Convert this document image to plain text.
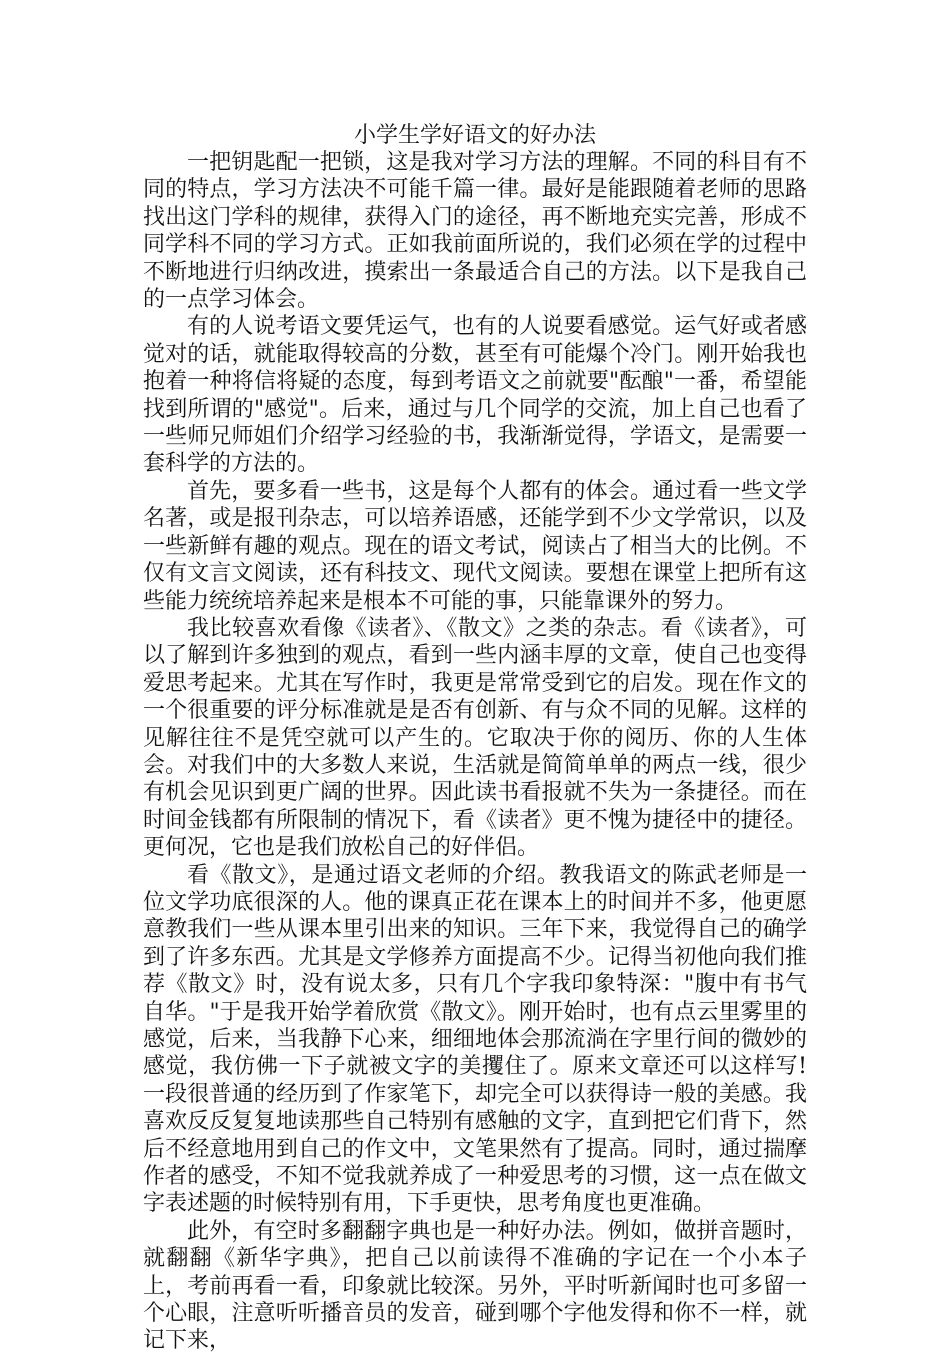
小学生学好语文的好办法

一把钥匙配一把锁，这是我对学习方法的理解。不同的科目有不同的特点，学习方法决不可能千篇一律。最好是能跟随着老师的思路找出这门学科的规律，获得入门的途径，再不断地充实完善，形成不同学科不同的学习方式。正如我前面所说的，我们必须在学的过程中不断地进行归纳改进，摸索出一条最适合自己的方法。以下是我自己的一点学习体会。

有的人说考语文要凭运气，也有的人说要看感觉。运气好或者感觉对的话，就能取得较高的分数，甚至有可能爆个冷门。刚开始我也抱着一种将信将疑的态度，每到考语文之前就要"酝酿"一番，希望能找到所谓的"感觉"。后来，通过与几个同学的交流，加上自己也看了一些师兄师姐们介绍学习经验的书，我渐渐觉得，学语文，是需要一套科学的方法的。

首先，要多看一些书，这是每个人都有的体会。通过看一些文学名著，或是报刊杂志，可以培养语感，还能学到不少文学常识，以及一些新鲜有趣的观点。现在的语文考试，阅读占了相当大的比例。不仅有文言文阅读，还有科技文、现代文阅读。要想在课堂上把所有这些能力统统培养起来是根本不可能的事，只能靠课外的努力。

我比较喜欢看像《读者》、《散文》之类的杂志。看《读者》，可以了解到许多独到的观点，看到一些内涵丰厚的文章，使自己也变得爱思考起来。尤其在写作时，我更是常常受到它的启发。现在作文的一个很重要的评分标准就是是否有创新、有与众不同的见解。这样的见解往往不是凭空就可以产生的。它取决于你的阅历、你的人生体会。对我们中的大多数人来说，生活就是简简单单的两点一线，很少有机会见识到更广阔的世界。因此读书看报就不失为一条捷径。而在时间金钱都有所限制的情况下，看《读者》更不愧为捷径中的捷径。更何况，它也是我们放松自己的好伴侣。

看《散文》，是通过语文老师的介绍。教我语文的陈武老师是一位文学功底很深的人。他的课真正花在课本上的时间并不多，他更愿意教我们一些从课本里引出来的知识。三年下来，我觉得自己的确学到了许多东西。尤其是文学修养方面提高不少。记得当初他向我们推荐《散文》时，没有说太多，只有几个字我印象特深："腹中有书气自华。"于是我开始学着欣赏《散文》。刚开始时，也有点云里雾里的感觉，后来，当我静下心来，细细地体会那流淌在字里行间的微妙的感觉，我仿佛一下子就被文字的美攫住了。原来文章还可以这样写!一段很普通的经历到了作家笔下，却完全可以获得诗一般的美感。我喜欢反反复复地读那些自己特别有感触的文字，直到把它们背下，然后不经意地用到自己的作文中，文笔果然有了提高。同时，通过揣摩作者的感受，不知不觉我就养成了一种爱思考的习惯，这一点在做文字表述题的时候特别有用，下手更快，思考角度也更准确。

此外，有空时多翻翻字典也是一种好办法。例如，做拼音题时，就翻翻《新华字典》，把自己以前读得不准确的字记在一个小本子上，考前再看一看，印象就比较深。另外，平时听新闻时也可多留一个心眼，注意听听播音员的发音，碰到哪个字他发得和你不一样，就记下来，
